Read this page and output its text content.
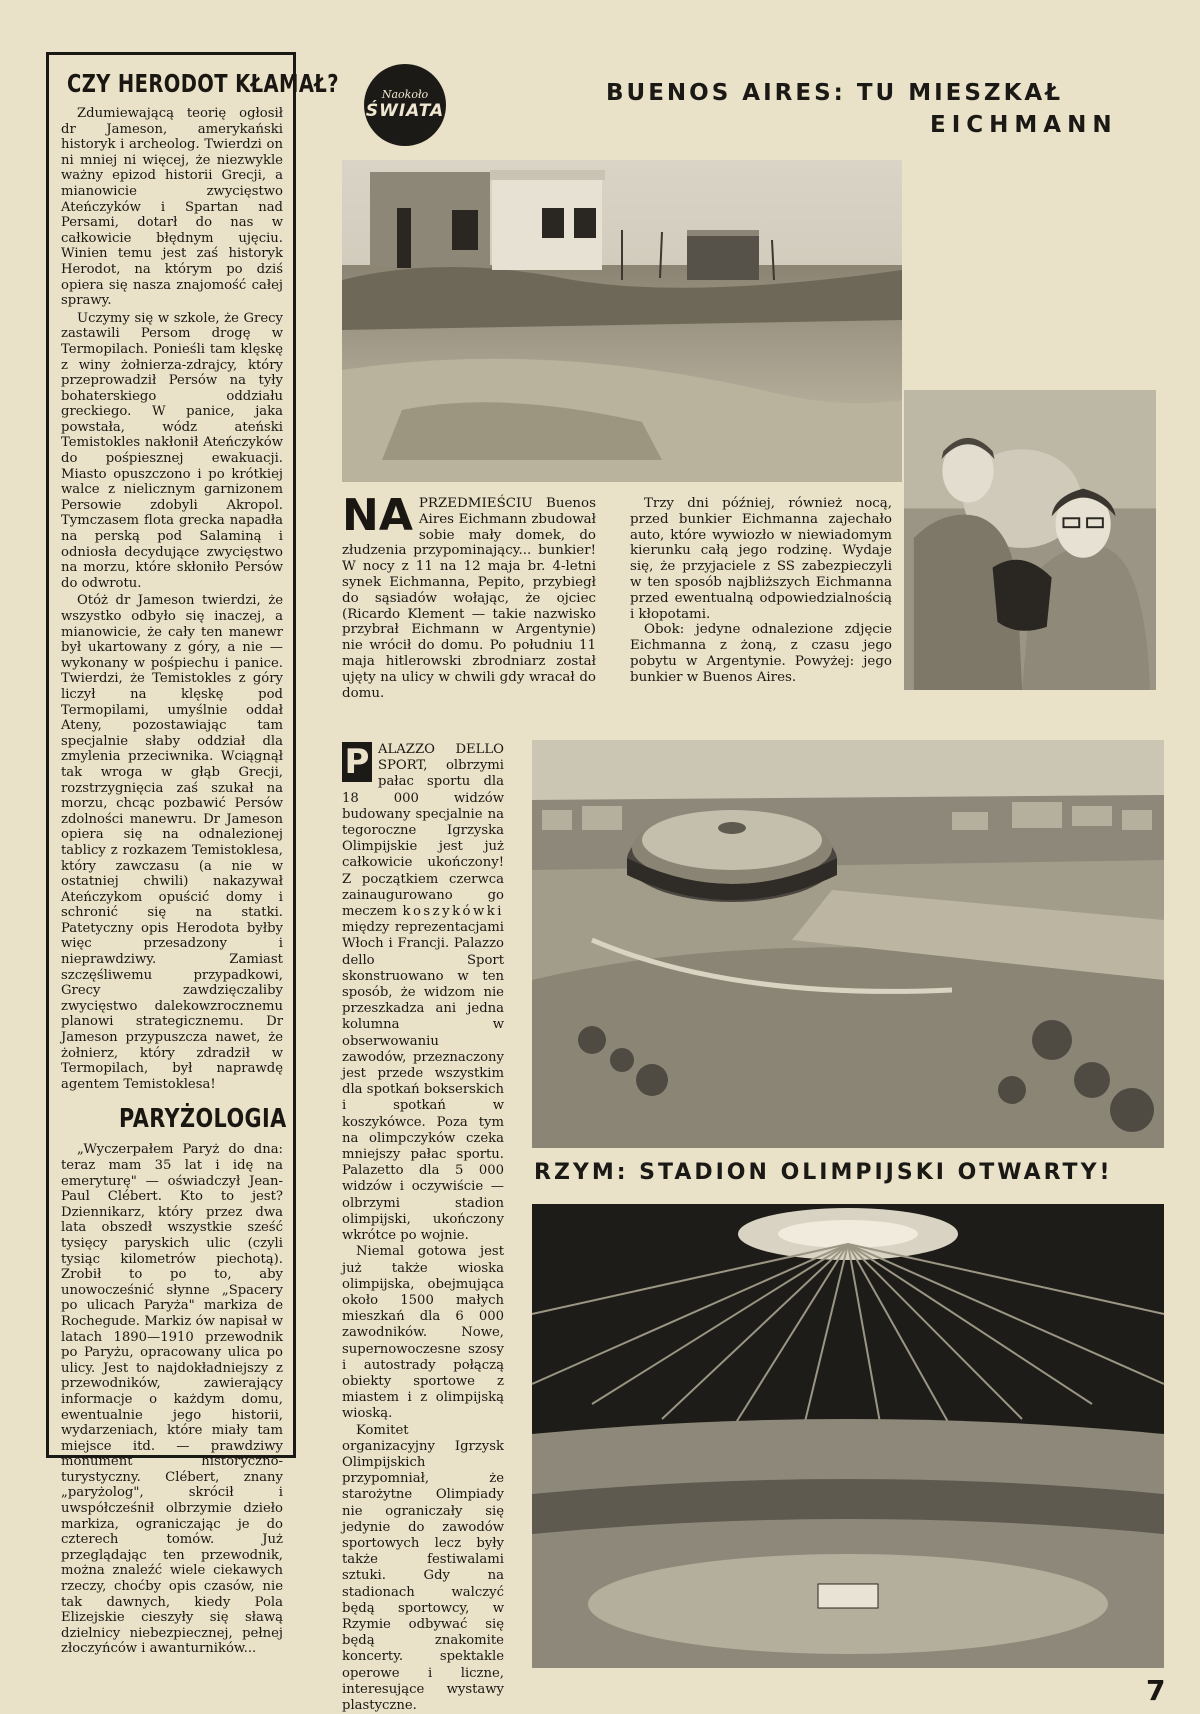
CZY HERODOT KŁAMAŁ?

Zdumiewającą teorię ogłosił dr Jameson, amerykański historyk i archeolog. Twierdzi on ni mniej ni więcej, że niezwykle ważny epizod historii Grecji, a mianowicie zwycięstwo Ateńczyków i Spartan nad Persami, dotarł do nas w całkowicie błędnym ujęciu. Winien temu jest zaś historyk Herodot, na którym po dziś opiera się nasza znajomość całej sprawy.

Uczymy się w szkole, że Grecy zastawili Persom drogę w Termopilach. Ponieśli tam klęskę z winy żołnierza-zdrajcy, który przeprowadził Persów na tyły bohaterskiego oddziału greckiego. W panice, jaka powstała, wódz ateński Temistokles nakłonił Ateńczyków do pośpiesznej ewakuacji. Miasto opuszczono i po krótkiej walce z nielicznym garnizonem Persowie zdobyli Akropol. Tymczasem flota grecka napadła na perską pod Salaminą i odniosła decydujące zwycięstwo na morzu, które skłoniło Persów do odwrotu.

Otóż dr Jameson twierdzi, że wszystko odbyło się inaczej, a mianowicie, że cały ten manewr był ukartowany z góry, a nie — wykonany w pośpiechu i panice. Twierdzi, że Temistokles z góry liczył na klęskę pod Termopilami, umyślnie oddał Ateny, pozostawiając tam specjalnie słaby oddział dla zmylenia przeciwnika. Wciągnął tak wroga w głąb Grecji, rozstrzygnięcia zaś szukał na morzu, chcąc pozbawić Persów zdolności manewru. Dr Jameson opiera się na odnalezionej tablicy z rozkazem Temistoklesa, który zawczasu (a nie w ostatniej chwili) nakazywał Ateńczykom opuścić domy i schronić się na statki. Patetyczny opis Herodota byłby więc przesadzony i nieprawdziwy. Zamiast szczęśliwemu przypadkowi, Grecy zawdzięczaliby zwycięstwo dalekowzrocznemu planowi strategicznemu. Dr Jameson przypuszcza nawet, że żołnierz, który zdradził w Termopilach, był naprawdę agentem Temistoklesa!

PARYŻOLOGIA

„Wyczerpałem Paryż do dna: teraz mam 35 lat i idę na emeryturę" — oświadczył Jean-Paul Clébert. Kto to jest? Dziennikarz, który przez dwa lata obszedł wszystkie sześć tysięcy paryskich ulic (czyli tysiąc kilometrów piechotą). Zrobił to po to, aby unowocześnić słynne „Spacery po ulicach Paryża" markiza de Rochegude. Markiz ów napisał w latach 1890—1910 przewodnik po Paryżu, opracowany ulica po ulicy. Jest to najdokładniejszy z przewodników, zawierający informacje o każdym domu, ewentualnie jego historii, wydarzeniach, które miały tam miejsce itd. — prawdziwy monument historyczno-turystyczny. Clébert, znany „paryżolog", skrócił i uwspółcześnił olbrzymie dzieło markiza, ograniczając je do czterech tomów. Już przeglądając ten przewodnik, można znaleźć wiele ciekawych rzeczy, choćby opis czasów, nie tak dawnych, kiedy Pola Elizejskie cieszyły się sławą dzielnicy niebezpiecznej, pełnej złoczyńców i awanturników...

Naokoło
ŚWIATA
BUENOS AIRES: TU MIESZKAŁ
EICHMANN

NA PRZEDMIEŚCIU Buenos Aires Eichmann zbudował sobie mały domek, do złudzenia przypominający... bunkier! W nocy z 11 na 12 maja br. 4-letni synek Eichmanna, Pepito, przybiegł do sąsiadów wołając, że ojciec (Ricardo Klement — takie nazwisko przybrał Eichmann w Argentynie) nie wrócił do domu. Po południu 11 maja hitlerowski zbrodniarz został ujęty na ulicy w chwili gdy wracał do domu.

Trzy dni później, również nocą, przed bunkier Eichmanna zajechało auto, które wywiozło w niewiadomym kierunku całą jego rodzinę. Wydaje się, że przyjaciele z SS zabezpieczyli w ten sposób najbliższych Eichmanna przed ewentualną odpowiedzialnością i kłopotami.

Obok: jedyne odnalezione zdjęcie Eichmanna z żoną, z czasu jego pobytu w Argentynie. Powyżej: jego bunkier w Buenos Aires.

P ALAZZO DELLO SPORT, olbrzymi pałac sportu dla 18 000 widzów budowany specjalnie na tegoroczne Igrzyska Olimpijskie jest już całkowicie ukończony! Z początkiem czerwca zainaugurowano go meczem koszykówki między reprezentacjami Włoch i Francji. Palazzo dello Sport skonstruowano w ten sposób, że widzom nie przeszkadza ani jedna kolumna w obserwowaniu zawodów, przeznaczony jest przede wszystkim dla spotkań bokserskich i spotkań w koszykówce. Poza tym na olimpczyków czeka mniejszy pałac sportu. Palazetto dla 5 000 widzów i oczywiście — olbrzymi stadion olimpijski, ukończony wkrótce po wojnie.

Niemal gotowa jest już także wioska olimpijska, obejmująca około 1500 małych mieszkań dla 6 000 zawodników. Nowe, supernowoczesne szosy i autostrady połączą obiekty sportowe z miastem i z olimpijską wioską.

Komitet organizacyjny Igrzysk Olimpijskich przypomniał, że starożytne Olimpiady nie ograniczały się jedynie do zawodów sportowych lecz były także festiwalami sztuki. Gdy na stadionach walczyć będą sportowcy, w Rzymie odbywać się będą znakomite koncerty. spektakle operowe i liczne, interesujące wystawy plastyczne.

RZYM: STADION OLIMPIJSKI OTWARTY!
7
